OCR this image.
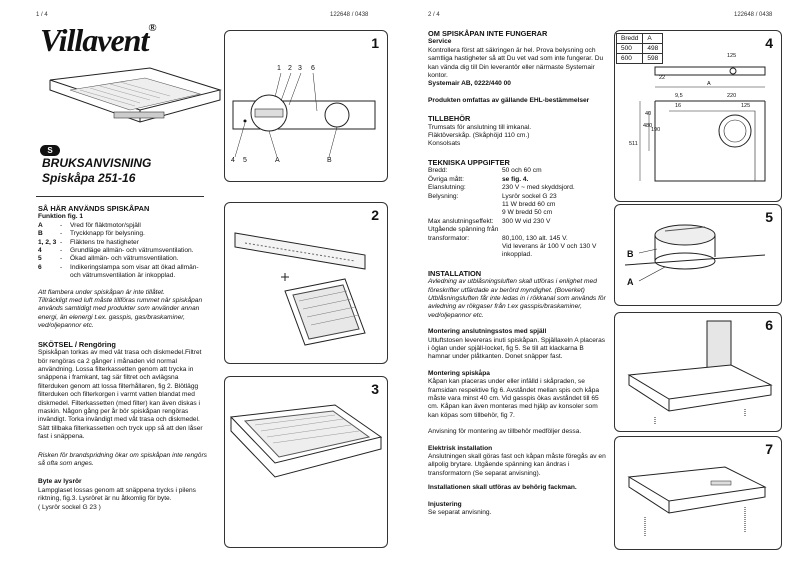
1 / 4	122648 / 0438
Villavent®
S
BRUKSANVISNING
Spiskåpa 251-16

SÅ HÄR ANVÄNDS SPISKÅPAN

Funktion fig. 1

A	-	Vred för fläktmotor/spjäll
B	-	Tryckknapp för belysning.
1, 2, 3 -	Fläktens tre hastigheter
4	-	Grundläge allmän- och vätrumsventilation.
5	-	Ökad allmän- och vätrumsventilation.
6	-	Indikeringslampa som visar att ökad allmän- och vätrumsventilation är inkopplad.

Att flambera under spiskåpan är inte tillåtet.

Tillräckligt med luft måste tillföras rummet när spiskåpan används samtidigt med produkter som använder annan energi, än elenergi t.ex. gasspis, gas/braskaminer, ved/oljepannor etc.

SKÖTSEL / Rengöring

Spiskåpan torkas av med vät trasa och diskmedel.Filtret bör rengöras ca 2 gånger i månaden vid normal användning. Lossa filterkassetten genom att trycka in snäppena i framkant, tag sär filtret och avlägsna filterduken genom att lossa filterhållaren, fig 2. Blötlägg filterduken och filterkorgen i varmt vatten blandat med diskmedel. Filterkassetten (med filter) kan även diskas i maskin. Någon gång per år bör spiskåpan rengöras invändigt. Torka invändigt med våt trasa och diskmedel. Sätt tillbaka filterkassetten och tryck upp så att den låser fast i snäppena.

Risken för brandspridning ökar om spiskåpan inte rengörs så ofta som anges.

Byte av lysrör

Lampglaset lossas genom att snäppena trycks i pilens riktning, fig.3. Lysröret är nu åtkomlig för byte.

( Lysrör sockel G 23 )

1
1 2 3 6
4 5	A	B
2
3
2 / 4	122648 / 0438

OM SPISKÅPAN INTE FUNGERAR

Service

Kontrollera först att säkringen är hel. Prova belysning och samtliga hastigheter så att Du vet vad som inte fungerar. Du kan vända dig till Din leverantör eller närmaste Systemair kontor.

Systemair AB, 0222/440 00

Produkten omfattas av gällande EHL-bestämmelser

TILLBEHÖR

Trumsats för anslutning till imkanal.

Fläktöverskåp. (Skåphöjd 110 cm.)

Konsolsats

TEKNISKA UPPGIFTER

Bredd:	50 och 60 cm
Övriga mått:	se fig. 4.
Elanslutning:	230 V ~ med skyddsjord.
Belysning:	Lysrör sockel G 23
11 W bredd 60 cm
9 W bredd 50 cm
Max anslutningseffekt:	300 W vid 230 V
Utgående spänning från
transformator:	80,100, 130 alt. 145 V.
Vid leverans är 100 V och 130 V
inkopplad.

INSTALLATION

Avledning av utblåsningsluften skall utföras i enlighet med föreskrifter utfärdade av berörd myndighet. (Boverket) Utblåsningsluften får inte ledas in i rökkanal som används för avledning av rökgaser från t.ex gasspis/braskaminer, ved/oljepannor etc.

Montering anslutningsstos med spjäll

Utluftstosen levereras inuti spiskåpan. Spjällaxeln A placeras i öglan under spjäll-locket, fig 5. Se till att klackarna B hamnar under plåtkanten. Donet snäpper fast.

Montering spiskåpa

Kåpan kan placeras under eller infälld i skåpraden, se framsidan respektive fig 6. Avståndet mellan spis och kåpa måste vara minst 40 cm. Vid gasspis ökas avståndet till 65 cm. Kåpan kan även monteras med hjälp av konsoler som kan köpas som tillbehör, fig 7.

Anvisning för montering av tillbehör medföljer dessa.

Elektrisk installation

Anslutningen skall göras fast och kåpan måste föregås av en allpolig brytare. Utgående spänning kan ändras i transformatorn (Se separat anvisning).

Installationen skall utföras av behörig fackman.

Injustering

Se separat anvisning.

4
125
22
9,5
16
220
125
A
480
190
511
40
Bredd	A
500	498
600	598
5
B
A
6
7
